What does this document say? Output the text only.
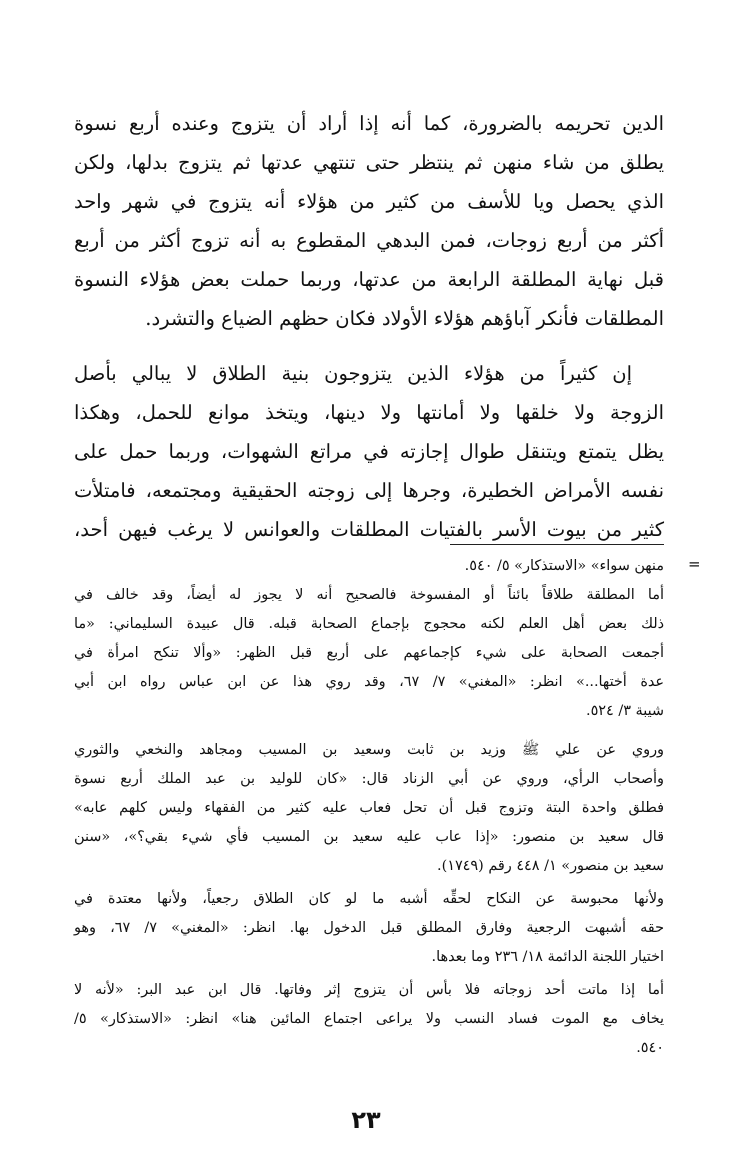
الدين تحريمه بالضرورة، كما أنه إذا أراد أن يتزوج وعنده أربع نسوة

يطلق من شاء منهن ثم ينتظر حتى تنتهي عدتها ثم يتزوج بدلها، ولكن

الذي يحصل ويا للأسف من كثير من هؤلاء أنه يتزوج في شهر واحد

أكثر من أربع زوجات، فمن البدهي المقطوع به أنه تزوج أكثر من أربع

قبل نهاية المطلقة الرابعة من عدتها، وربما حملت بعض هؤلاء النسوة

المطلقات فأنكر آباؤهم هؤلاء الأولاد فكان حظهم الضياع والتشرد.

إن كثيراً من هؤلاء الذين يتزوجون بنية الطلاق لا يبالي بأصل

الزوجة ولا خلقها ولا أمانتها ولا دينها، ويتخذ موانع للحمل، وهكذا

يظل يتمتع ويتنقل طوال إجازته في مراتع الشهوات، وربما حمل على

نفسه الأمراض الخطيرة، وجرها إلى زوجته الحقيقية ومجتمعه، فامتلأت

كثير من بيوت الأسر بالفتيات المطلقات والعوانس لا يرغب فيهن أحد،

=

منهن سواء» «الاستذكار» ٥/ ٥٤٠.

أما المطلقة طلاقاً بائناً أو المفسوخة فالصحيح أنه لا يجوز له أيضاً، وقد خالف في

ذلك بعض أهل العلم لكنه محجوج بإجماع الصحابة قبله. قال عبيدة السليماني: «ما

أجمعت الصحابة على شيء كإجماعهم على أربع قبل الظهر: «وألا تنكح امرأة في

عدة أختها...» انظر: «المغني» ٧/ ٦٧، وقد روي هذا عن ابن عباس رواه ابن أبي

شيبة ٣/ ٥٢٤.

وروي عن علي ﷺ وزيد بن ثابت وسعيد بن المسيب ومجاهد والنخعي والثوري

وأصحاب الرأي، وروي عن أبي الزناد قال: «كان للوليد بن عبد الملك أربع نسوة

فطلق واحدة البتة وتزوج قبل أن تحل فعاب عليه كثير من الفقهاء وليس كلهم عابه»

قال سعيد بن منصور: «إذا عاب عليه سعيد بن المسيب فأي شيء بقي؟»، «سنن

سعيد بن منصور» ١/ ٤٤٨ رقم (١٧٤٩).

ولأنها محبوسة عن النكاح لحقِّه أشبه ما لو كان الطلاق رجعياً، ولأنها معتدة في

حقه أشبهت الرجعية وفارق المطلق قبل الدخول بها. انظر: «المغني» ٧/ ٦٧، وهو

اختيار اللجنة الدائمة ١٨/ ٢٣٦ وما بعدها.

أما إذا ماتت أحد زوجاته فلا بأس أن يتزوج إثر وفاتها. قال ابن عبد البر: «لأنه لا

يخاف مع الموت فساد النسب ولا يراعى اجتماع المائين هنا» انظر: «الاستذكار» ٥/

٥٤٠.

٢٣
